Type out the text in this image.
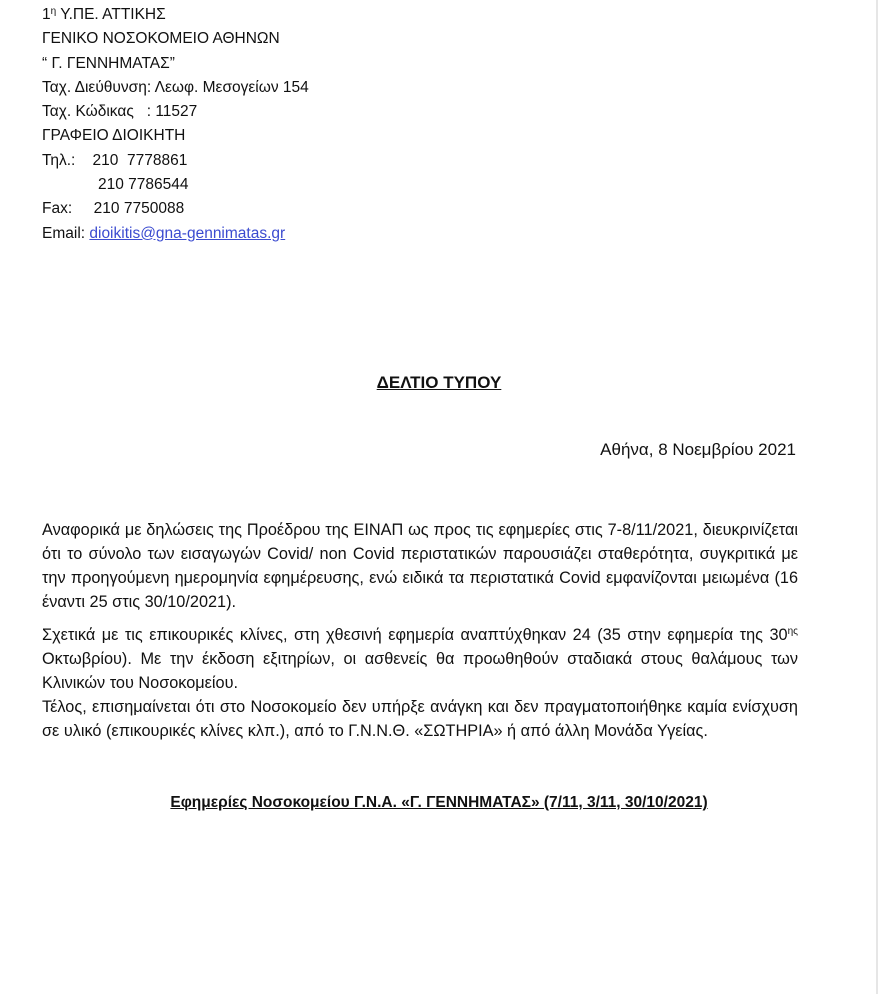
$1^\eta$ Υ.ΠΕ. ΑΤΤΙΚΗΣ
ΓΕΝΙΚΟ ΝΟΣΟΚΟΜΕΙΟ ΑΘΗΝΩΝ
“ Γ. ΓΕΝΝΗΜΑΤΑΣ”
Ταχ. Διεύθυνση: Λεωφ. Μεσογείων 154
Ταχ. Κώδικας   : 11527
ΓΡΑΦΕΙΟ ΔΙΟΙΚΗΤΗ
Τηλ.:    210  7778861
210 7786544
Fax:     210 7750088
Email: dioikitis@gna-gennimatas.gr
ΔΕΛΤΙΟ ΤΥΠΟΥ
Αθήνα, 8 Νοεμβρίου 2021
Αναφορικά με δηλώσεις της Προέδρου της ΕΙΝΑΠ ως προς τις εφημερίες στις 7-8/11/2021, διευκρινίζεται ότι το σύνολο των εισαγωγών Covid/ non Covid περιστατικών παρουσιάζει σταθερότητα, συγκριτικά με την προηγούμενη ημερομηνία εφημέρευσης, ενώ ειδικά τα περιστατικά Covid εμφανίζονται μειωμένα (16 έναντι 25 στις 30/10/2021).
Σχετικά με τις επικουρικές κλίνες, στη χθεσινή εφημερία αναπτύχθηκαν 24 (35 στην εφημερία της $30^{\eta\varsigma}$ Οκτωβρίου). Με την έκδοση εξιτηρίων, οι ασθενείς θα προωθηθούν σταδιακά στους θαλάμους των Κλινικών του Νοσοκομείου.
Τέλος, επισημαίνεται ότι στο Νοσοκομείο δεν υπήρξε ανάγκη και δεν πραγματοποιήθηκε καμία ενίσχυση σε υλικό (επικουρικές κλίνες κλπ.), από το Γ.Ν.Ν.Θ. «ΣΩΤΗΡΙΑ» ή από άλλη Μονάδα Υγείας.
Εφημερίες Νοσοκομείου Γ.Ν.Α. «Γ. ΓΕΝΝΗΜΑΤΑΣ» (7/11, 3/11, 30/10/2021)
